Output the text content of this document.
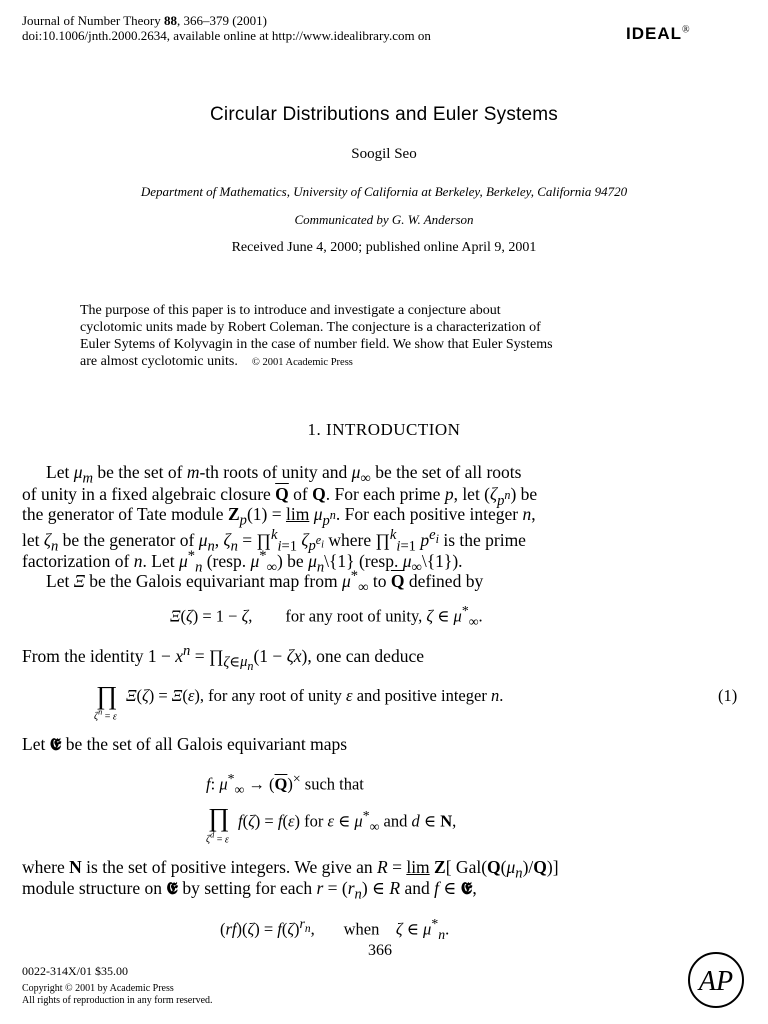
Journal of Number Theory 88, 366–379 (2001)
doi:10.1006/jnth.2000.2634, available online at http://www.idealibrary.com on	IDEAL®
Circular Distributions and Euler Systems
Soogil Seo
Department of Mathematics, University of California at Berkeley, Berkeley, California 94720
Communicated by G. W. Anderson
Received June 4, 2000; published online April 9, 2001
The purpose of this paper is to introduce and investigate a conjecture about
cyclotomic units made by Robert Coleman. The conjecture is a characterization of
Euler Sytems of Kolyvagin in the case of number field. We show that Euler Systems
are almost cyclotomic units. © 2001 Academic Press
1. INTRODUCTION
Let $\mu_m$ be the set of m-th roots of unity and $\mu_\infty$ be the set of all roots
of unity in a fixed algebraic closure $\overline{Q}$ of Q. For each prime p, let $(\zeta_{p^n})$ be
the generator of Tate module $Z_p(1) = \lim \mu_{p^n}$. For each positive integer n,
let $\zeta_n$ be the generator of $\mu_n$, $\zeta_n$ = ∏$^k_{i=1}$ $\zeta_{p^{e_i}}$ where ∏$^k_{i=1}$ $p^{e_i}$ is the prime
factorization of n. Let $\mu^*_n$ (resp. $\mu^*_\infty$) be $\mu_n\backslash\{1\}$ (resp. $\mu_\infty\backslash\{1\}$).
Let Ξ be the Galois equivariant map from $\mu^*_\infty$ to $\overline{Q}$ defined by
Ξ(ζ) = 1 − ζ,        for any root of unity, ζ ∈ $\mu^*_\infty$.
From the identity $1 - x^n$ = $\prod_{\zeta\in\mu_n}(1 - \zeta x)$, one can deduce
∏
$\zeta^n = \varepsilon$
Ξ(ζ) = Ξ(ε), for any root of unity ε and positive integer n.	(1)
Let 𝕰 be the set of all Galois equivariant maps
f: $\mu^*_\infty \to (\overline{Q})^\times$ such that
∏
$\zeta^d = \varepsilon$
f(ζ) = f(ε) for ε ∈ $\mu^*_\infty$ and d ∈ N,
where N is the set of positive integers. We give an R = lim Z[ $Gal(Q(\mu_n)/Q)$]
module structure on 𝕰 by setting for each $r = (r_n)$ ∈ R and f ∈ 𝕰,
$(rf)(\zeta) = f(\zeta)^{r_n}$,       when    ζ ∈ $\mu^*_n$.
366
0022-314X/01 $35.00
Copyright © 2001 by Academic Press
All rights of reproduction in any form reserved.
AP
